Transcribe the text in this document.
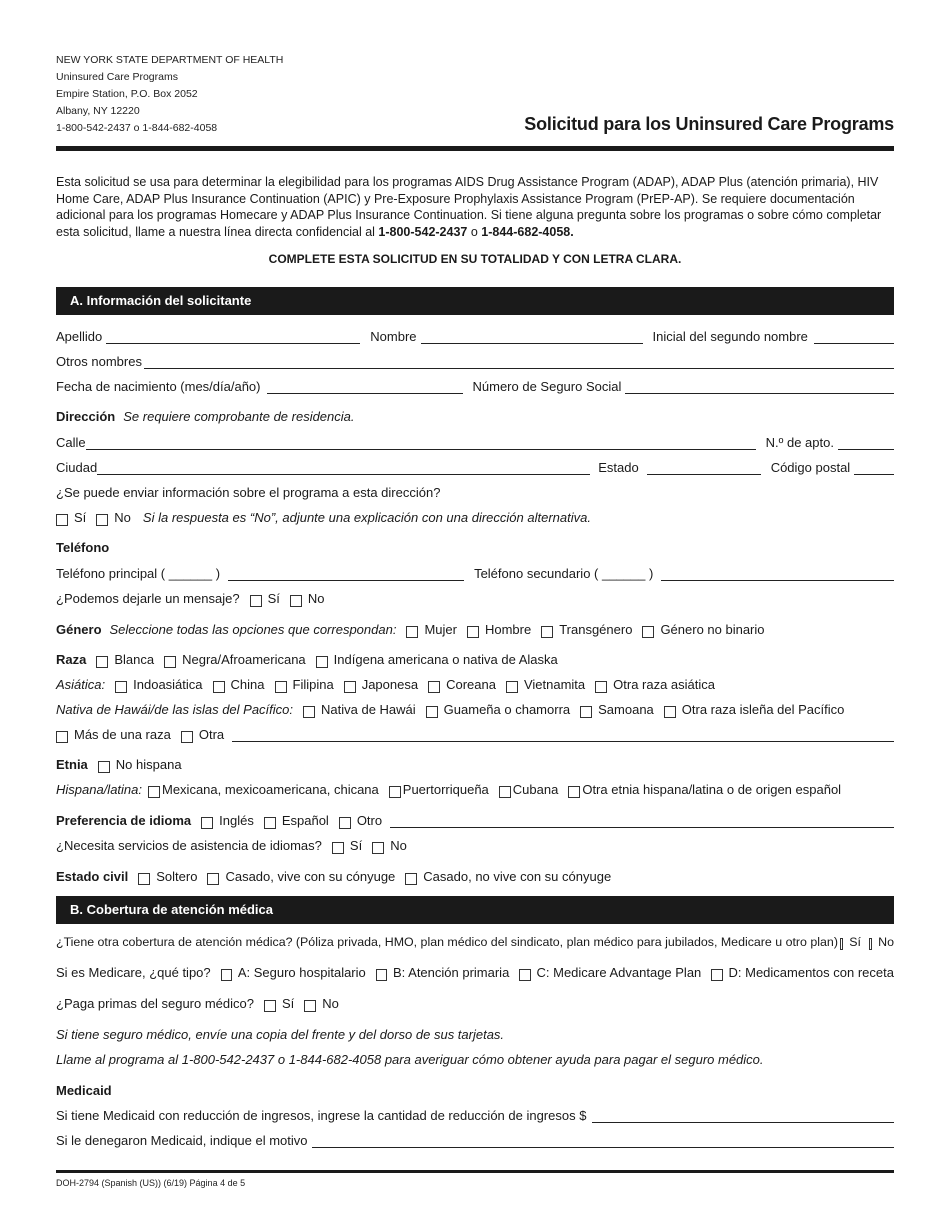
NEW YORK STATE DEPARTMENT OF HEALTH
Uninsured Care Programs
Empire Station, P.O. Box 2052
Albany, NY 12220
1-800-542-2437 o 1-844-682-4058	Solicitud para los Uninsured Care Programs
Esta solicitud se usa para determinar la elegibilidad para los programas AIDS Drug Assistance Program (ADAP), ADAP Plus (atención primaria), HIV Home Care, ADAP Plus Insurance Continuation (APIC) y Pre-Exposure Prophylaxis Assistance Program (PrEP-AP). Se requiere documentación adicional para los programas Homecare y ADAP Plus Insurance Continuation. Si tiene alguna pregunta sobre los programas o sobre cómo completar esta solicitud, llame a nuestra línea directa confidencial al 1-800-542-2437 o 1-844-682-4058.
COMPLETE ESTA SOLICITUD EN SU TOTALIDAD Y CON LETRA CLARA.
A. Información del solicitante
Apellido	Nombre	Inicial del segundo nombre
Otros nombres
Fecha de nacimiento (mes/día/año)	Número de Seguro Social
Dirección Se requiere comprobante de residencia.
Calle	N.º de apto.
Ciudad	Estado	Código postal
¿Se puede enviar información sobre el programa a esta dirección?
Sí No Si la respuesta es “No”, adjunte una explicación con una dirección alternativa.
Teléfono
Teléfono principal ( ______ )	Teléfono secundario ( ______ )
¿Podemos dejarle un mensaje? Sí No
Género Seleccione todas las opciones que correspondan: Mujer Hombre Transgénero Género no binario
Raza Blanca Negra/Afroamericana Indígena americana o nativa de Alaska
Asiática: Indoasiática China Filipina Japonesa Coreana Vietnamita Otra raza asiática
Nativa de Hawái/de las islas del Pacífico: Nativa de Hawái Guameña o chamorra Samoana Otra raza isleña del Pacífico
Más de una raza Otra
Etnia No hispana
Hispana/latina: Mexicana, mexicoamericana, chicana Puertorriqueña Cubana Otra etnia hispana/latina o de origen español
Preferencia de idioma Inglés Español Otro
¿Necesita servicios de asistencia de idiomas? Sí No
Estado civil Soltero Casado, vive con su cónyuge Casado, no vive con su cónyuge
B. Cobertura de atención médica
¿Tiene otra cobertura de atención médica? (Póliza privada, HMO, plan médico del sindicato, plan médico para jubilados, Medicare u otro plan) Sí No
Si es Medicare, ¿qué tipo? A: Seguro hospitalario B: Atención primaria C: Medicare Advantage Plan D: Medicamentos con receta
¿Paga primas del seguro médico? Sí No
Si tiene seguro médico, envíe una copia del frente y del dorso de sus tarjetas.
Llame al programa al 1-800-542-2437 o 1-844-682-4058 para averiguar cómo obtener ayuda para pagar el seguro médico.
Medicaid
Si tiene Medicaid con reducción de ingresos, ingrese la cantidad de reducción de ingresos $
Si le denegaron Medicaid, indique el motivo
DOH-2794 (Spanish (US)) (6/19) Página 4 de 5
